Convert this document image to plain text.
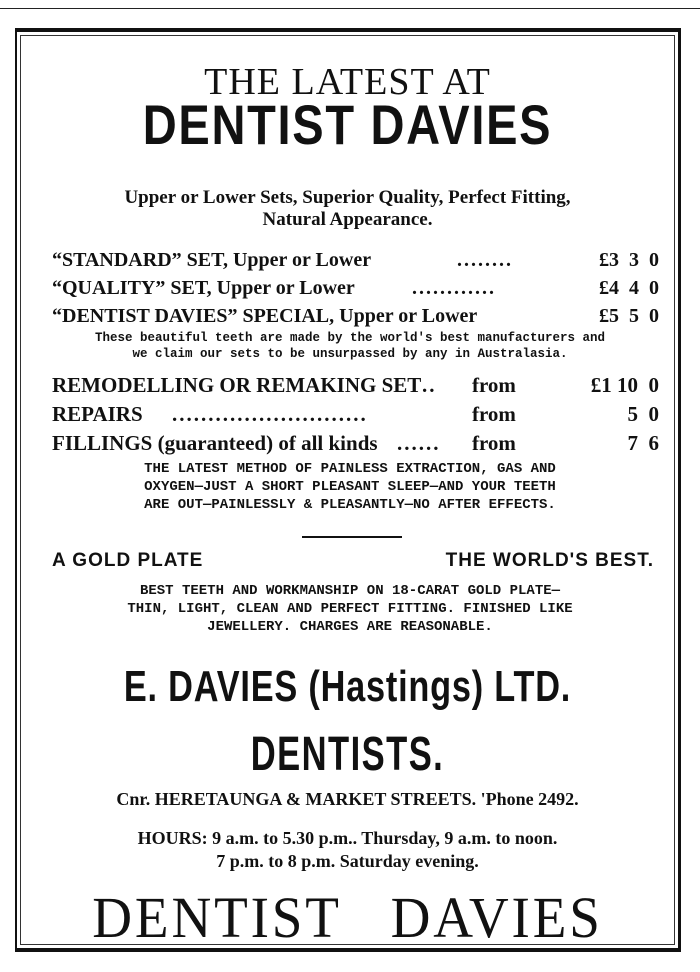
THE LATEST AT
DENTIST DAVIES
Upper or Lower Sets, Superior Quality, Perfect Fitting,
Natural Appearance.
“STANDARD” SET, Upper or Lower	........	£3  3  0
“QUALITY” SET, Upper or Lower	............	£4  4  0
“DENTIST DAVIES” SPECIAL, Upper or Lower	£5  5  0
These beautiful teeth are made by the world's best manufacturers and
we claim our sets to be unsurpassed by any in Australasia.
REMODELLING OR REMAKING SET ..	from	£1 10  0
REPAIRS ...........................	from	5  0
FILLINGS (guaranteed) of all kinds ......	from	7  6
THE LATEST METHOD OF PAINLESS EXTRACTION, GAS AND
OXYGEN—JUST A SHORT PLEASANT SLEEP—AND YOUR TEETH
ARE OUT—PAINLESSLY & PLEASANTLY—NO AFTER EFFECTS.
A GOLD PLATE	THE WORLD'S BEST.
BEST TEETH AND WORKMANSHIP ON 18-CARAT GOLD PLATE—
THIN, LIGHT, CLEAN AND PERFECT FITTING. FINISHED LIKE
JEWELLERY. CHARGES ARE REASONABLE.
E. DAVIES (Hastings) LTD.
DENTISTS.
Cnr. HERETAUNGA & MARKET STREETS. 'Phone 2492.
HOURS: 9 a.m. to 5.30 p.m.. Thursday, 9 a.m. to noon.
7 p.m. to 8 p.m. Saturday evening.
DENTIST   DAVIES
